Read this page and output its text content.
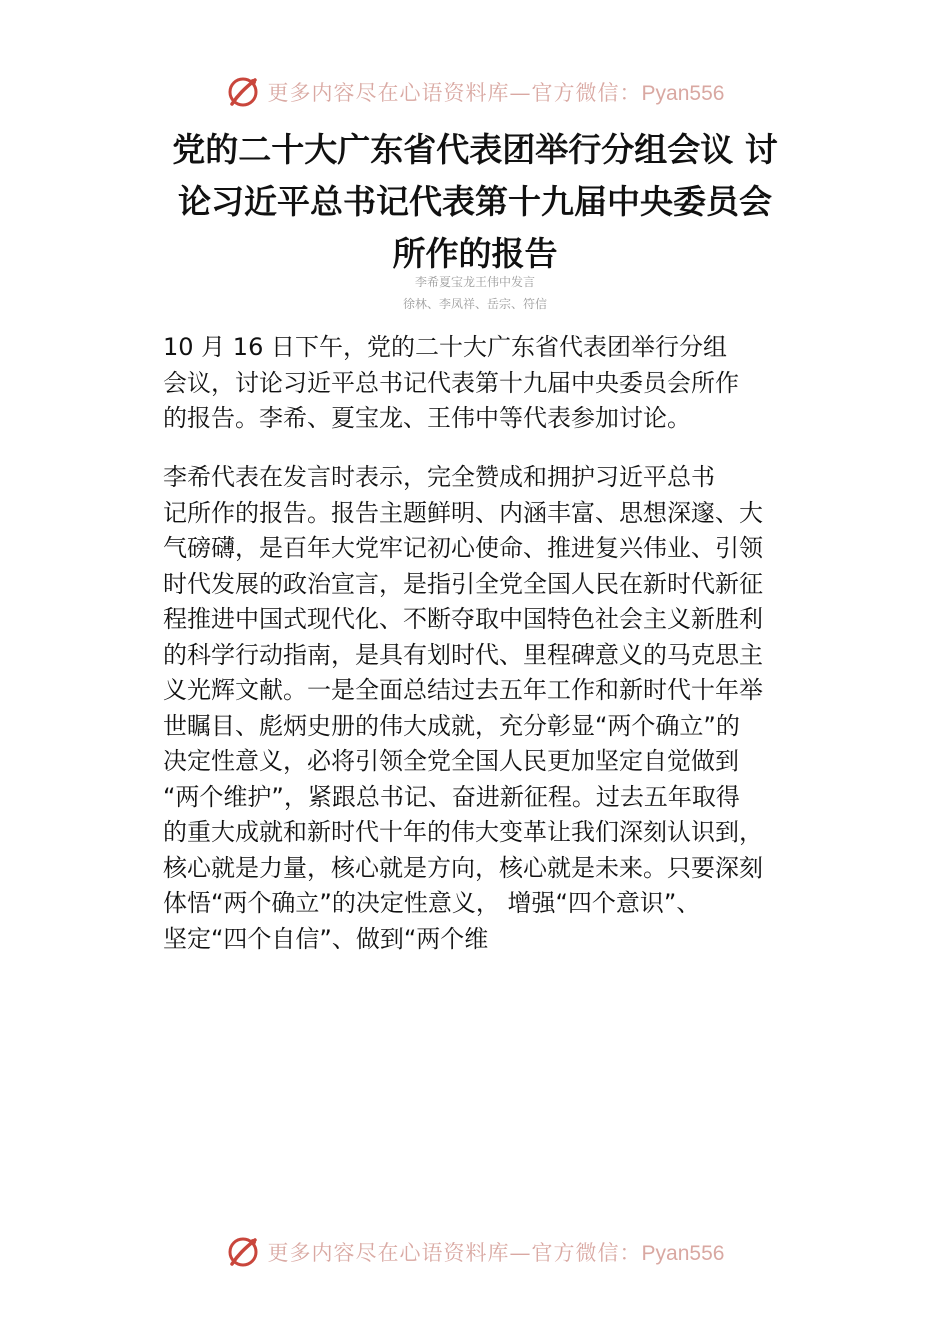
更多内容尽在心语资料库—官方微信：Pyan556
党的二十大广东省代表团举行分组会议 讨
论习近平总书记代表第十九届中央委员会
所作的报告
李希夏宝龙王伟中发言
徐林、李凤祥、岳宗、符信

10 月 16 日下午，党的二十大广东省代表团举行分组
会议，讨论习近平总书记代表第十九届中央委员会所作
的报告。李希、夏宝龙、王伟中等代表参加讨论。

李希代表在发言时表示，完全赞成和拥护习近平总书
记所作的报告。报告主题鲜明、内涵丰富、思想深邃、大
气磅礴，是百年大党牢记初心使命、推进复兴伟业、引领
时代发展的政治宣言，是指引全党全国人民在新时代新征
程推进中国式现代化、不断夺取中国特色社会主义新胜利
的科学行动指南，是具有划时代、里程碑意义的马克思主
义光辉文献。一是全面总结过去五年工作和新时代十年举
世瞩目、彪炳史册的伟大成就，充分彰显“两个确立”的
决定性意义，必将引领全党全国人民更加坚定自觉做到
“两个维护”，紧跟总书记、奋进新征程。过去五年取得
的重大成就和新时代十年的伟大变革让我们深刻认识到，
核心就是力量，核心就是方向，核心就是未来。只要深刻
体悟“两个确立”的决定性意义， 增强“四个意识”、
坚定“四个自信”、做到“两个维

更多内容尽在心语资料库—官方微信：Pyan556
